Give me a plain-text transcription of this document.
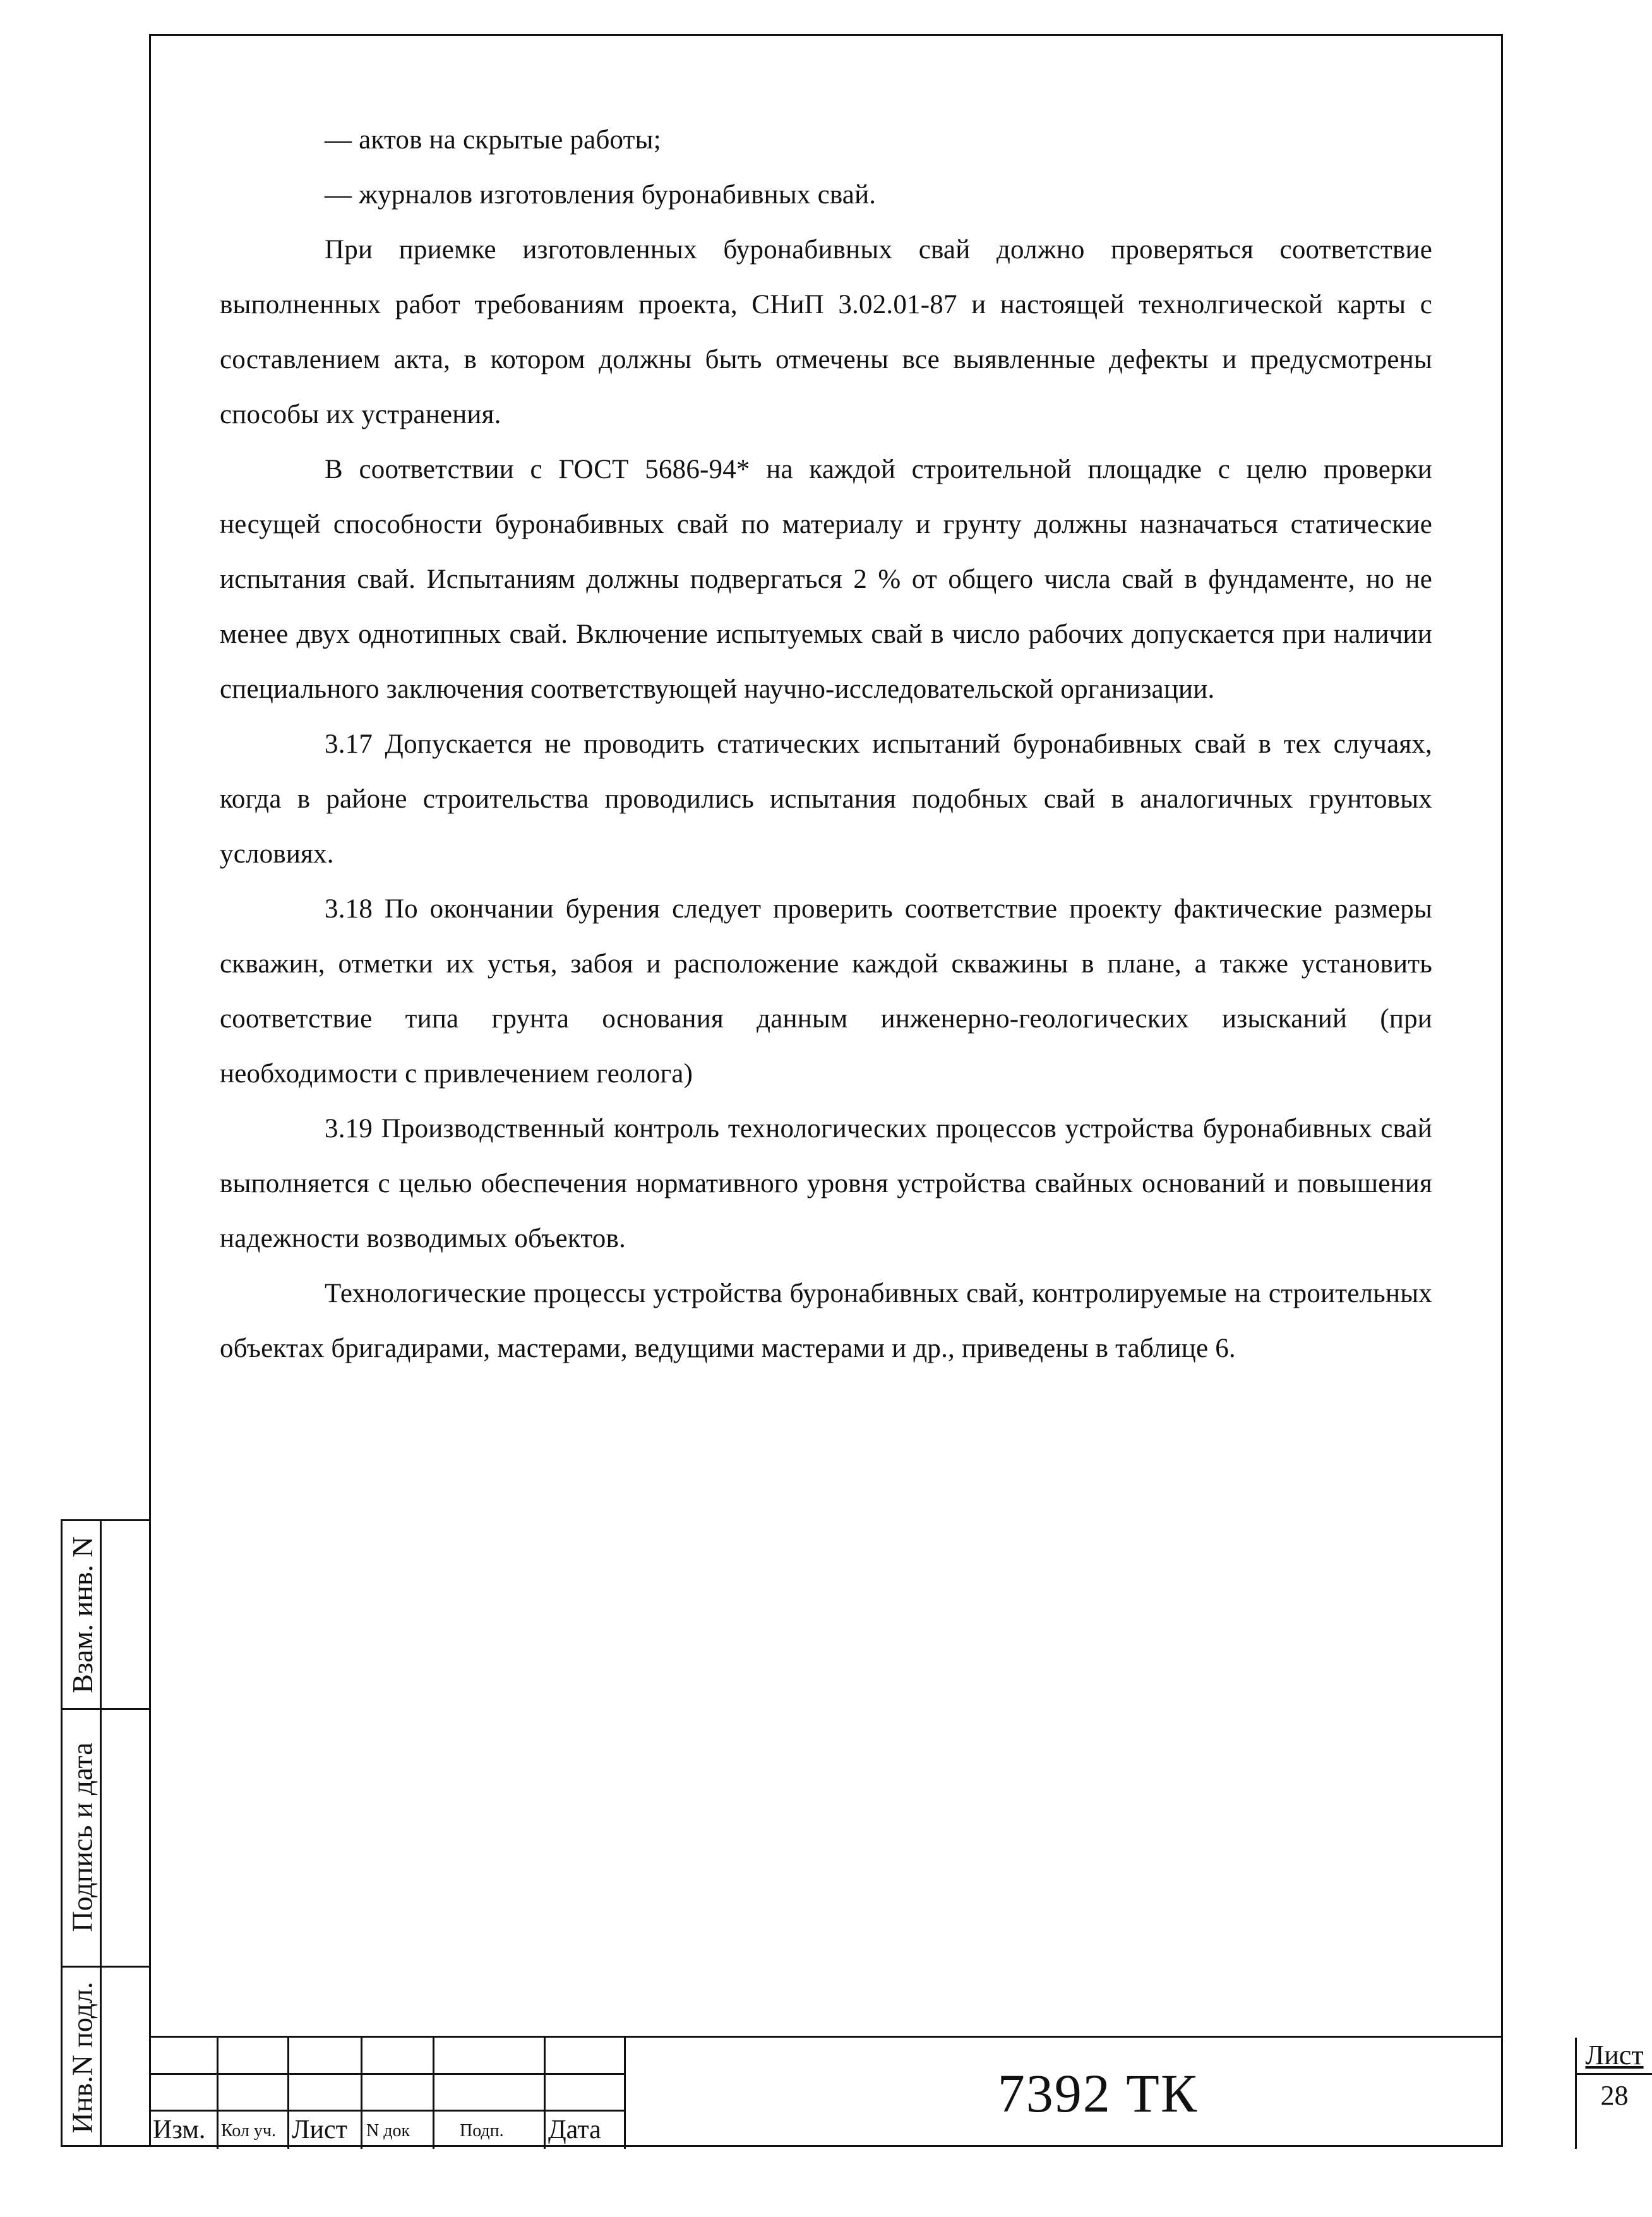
— актов на скрытые работы;

— журналов изготовления буронабивных свай.

При приемке изготовленных буронабивных свай должно проверяться соответствие выполненных работ требованиям проекта, СНиП 3.02.01-87 и настоящей технолгической карты с составлением акта, в котором должны быть отмечены все выявленные дефекты и предусмотрены способы их устранения.

В соответствии с ГОСТ 5686-94* на каждой строительной площадке с целю проверки несущей способности буронабивных свай по материалу и грунту должны назначаться статические испытания свай. Испытаниям должны подвергаться 2 % от общего числа свай в фундаменте, но не менее двух однотипных свай. Включение испытуемых свай в число рабочих допускается при наличии специального заключения соответствующей научно-исследовательской организации.

3.17 Допускается не проводить статических испытаний буронабивных свай в тех случаях, когда в районе строительства проводились испытания подобных свай в аналогичных грунтовых условиях.

3.18 По окончании бурения следует проверить соответствие проекту фактические размеры скважин, отметки их устья, забоя и расположение каждой скважины в плане, а также установить соответствие типа грунта основания данным инженерно-геологических изысканий (при необходимости с привлечением геолога)

3.19 Производственный контроль технологических процессов устройства буронабивных свай выполняется с целью обеспечения нормативного уровня устройства свайных оснований и повышения надежности возводимых объектов.

Технологические процессы устройства буронабивных свай, контролируемые на строительных объектах бригадирами, мастерами, ведущими мастерами и др., приведены в таблице 6.

Взам. инв. N
Подпись и дата
Инв.N подл. Изм. Кол уч. Лист N док	Подп. Дата
7392 ТК
Лист
28
